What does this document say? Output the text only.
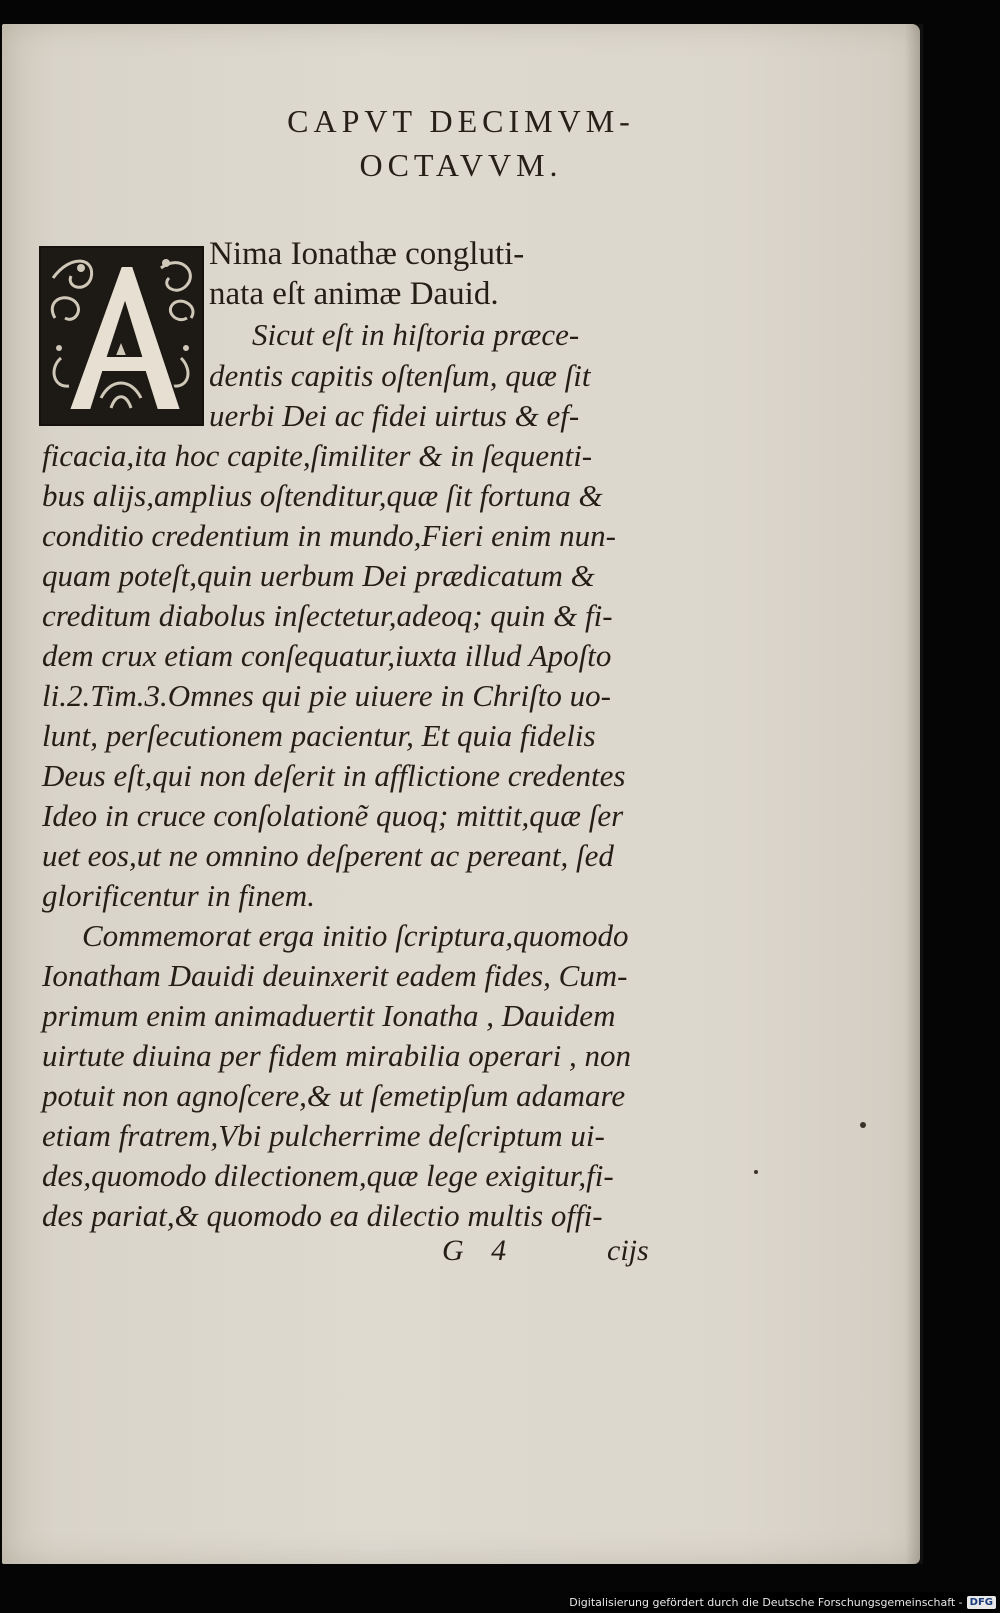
CAPVT DECIMVM-
OCTAVVM.
A	Nima Ionathæ congluti-
nata eſt animæ Dauid.
Sicut eſt in hiſtoria præce-
dentis capitis oſtenſum, quæ ſit
uerbi Dei ac fidei uirtus & ef-
ficacia,ita hoc capite,ſimiliter & in ſequenti-
bus alijs,amplius oſtenditur,quæ ſit fortuna &
conditio credentium in mundo,Fieri enim nun-
quam poteſt,quin uerbum Dei prædicatum &
creditum diabolus inſectetur,adeoq; quin & fi-
dem crux etiam conſequatur,iuxta illud Apoſto
li.2.Tim.3.Omnes qui pie uiuere in Chriſto uo-
lunt, perſecutionem pacientur, Et quia fidelis
Deus eſt,qui non deſerit in afflictione credentes
Ideo in cruce conſolationẽ quoq; mittit,quæ ſer
uet eos,ut ne omnino deſperent ac pereant, ſed
glorificentur in finem.
Commemorat erga initio ſcriptura,quomodo
Ionatham Dauidi deuinxerit eadem fides, Cum-
primum enim animaduertit Ionatha , Dauidem
uirtute diuina per fidem mirabilia operari , non
potuit non agnoſcere,& ut ſemetipſum adamare
etiam fratrem,Vbi pulcherrime deſcriptum ui-
des,quomodo dilectionem,quæ lege exigitur,fi-
des pariat,& quomodo ea dilectio multis offi-
G 4	cijs
Digitalisierung gefördert durch die Deutsche Forschungsgemeinschaft - DFG
